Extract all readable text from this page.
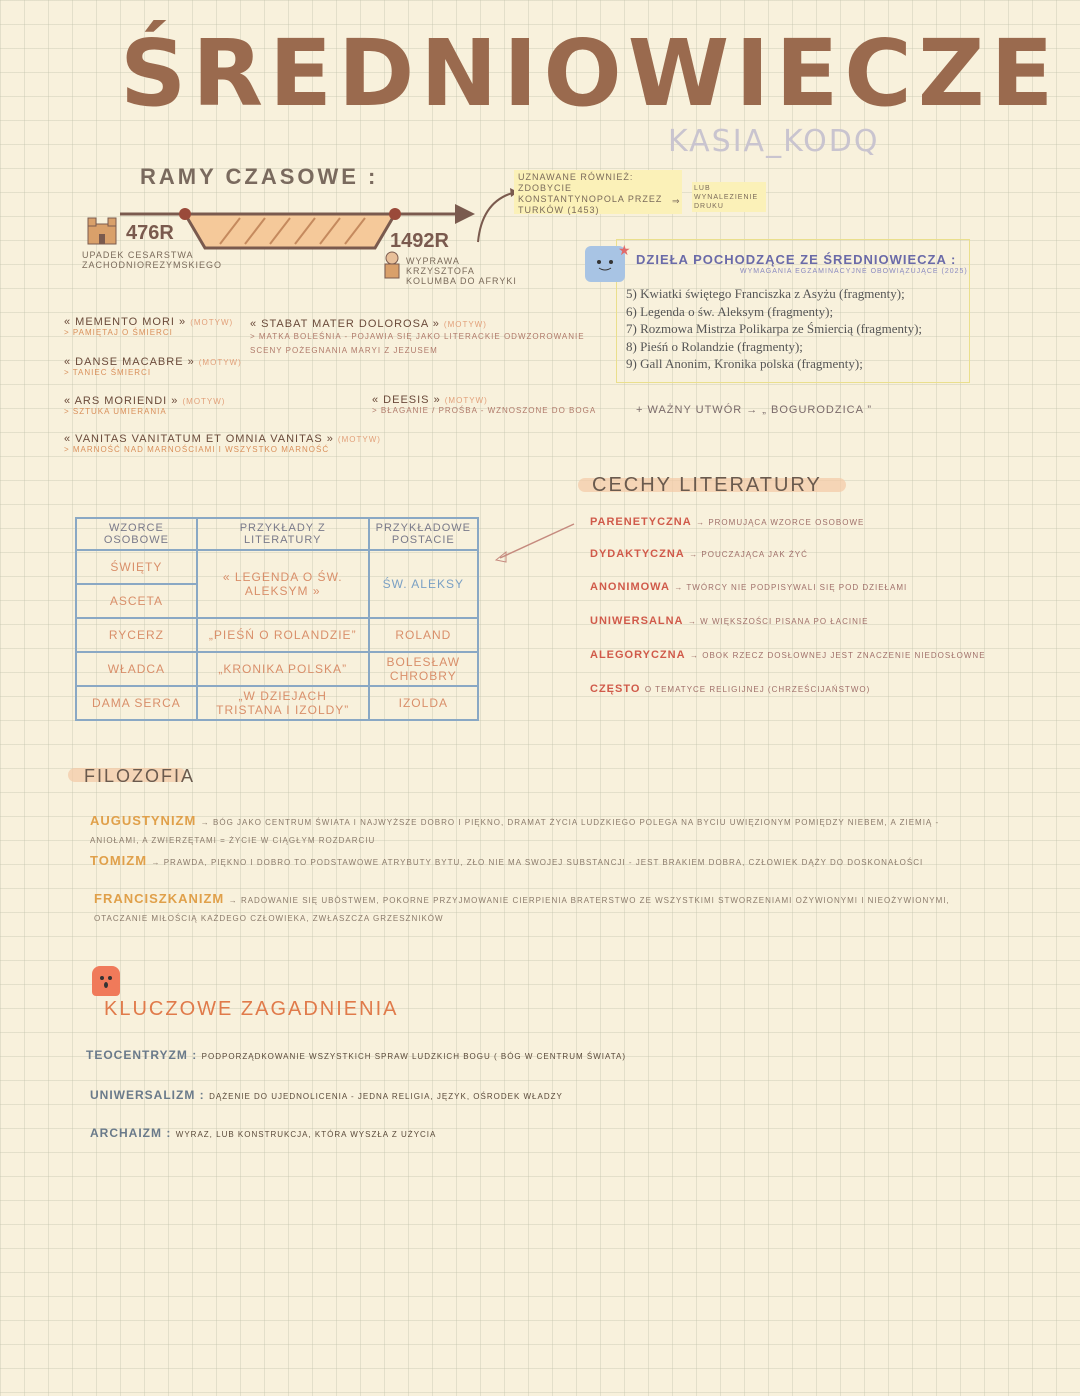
ŚREDNIOWIECZE
KASIA_KODQ
RAMY CZASOWE :
476R
UPADEK CESARSTWA ZACHODNIOREZYMSKIEGO
1492R
WYPRAWA KRZYSZTOFA KOLUMBA DO AFRYKI
UZNAWANE RÓWNIEŻ: ZDOBYCIE KONSTANTYNOPOLA PRZEZ TURKÓW (1453)
⇒
LUB WYNALEZIENIE DRUKU
« MEMENTO MORI » (MOTYW)
> PAMIĘTAJ O ŚMIERCI
« DANSE MACABRE » (MOTYW)
> TANIEC ŚMIERCI
« ARS MORIENDI » (MOTYW)
> SZTUKA UMIERANIA
« VANITAS VANITATUM ET OMNIA VANITAS » (MOTYW)
> MARNOŚĆ NAD MARNOŚCIAMI I WSZYSTKO MARNOŚĆ
« STABAT MATER DOLOROSA » (MOTYW)
> MATKA BOLEŚNIA - POJAWIA SIĘ JAKO LITERACKIE ODWZOROWANIE SCENY POŻEGNANIA MARYI Z JEZUSEM
« DEESIS » (MOTYW)
> BŁAGANIE / PROŚBA - WZNOSZONE DO BOGA
★
DZIEŁA POCHODZĄCE ZE ŚREDNIOWIECZA :
WYMAGANIA EGZAMINACYJNE OBOWIĄZUJĄCE (2025)
5) Kwiatki świętego Franciszka z Asyżu (fragmenty);
6) Legenda o św. Aleksym (fragmenty);
7) Rozmowa Mistrza Polikarpa ze Śmiercią (fragmenty);
8) Pieśń o Rolandzie (fragmenty);
9) Gall Anonim, Kronika polska (fragmenty);
+ WAŻNY UTWÓR → „ BOGURODZICA ”
CECHY LITERATURY
PARENETYCZNA → PROMUJĄCA WZORCE OSOBOWE
DYDAKTYCZNA → POUCZAJĄCA JAK ŻYĆ
ANONIMOWA → TWÓRCY NIE PODPISYWALI SIĘ POD DZIEŁAMI
UNIWERSALNA → W WIĘKSZOŚCI PISANA PO ŁACINIE
ALEGORYCZNA → OBOK RZECZ DOSŁOWNEJ JEST ZNACZENIE NIEDOSŁOWNE
CZĘSTO O TEMATYCE RELIGIJNEJ (CHRZEŚCIJAŃSTWO)
WZORCE OSOBOWE	PRZYKŁADY Z LITERATURY	PRZYKŁADOWE POSTACIE
ŚWIĘTY	« LEGENDA O ŚW. ALEKSYM »	ŚW. ALEKSY
ASCETA		
RYCERZ	„PIEŚŃ O ROLANDZIE”	ROLAND
WŁADCA	„KRONIKA POLSKA”	BOLESŁAW CHROBRY
DAMA SERCA	„W DZIEJACH TRISTANA I IZOLDY”	IZOLDA
FILOZOFIA
AUGUSTYNIZM → BÓG JAKO CENTRUM ŚWIATA I NAJWYŻSZE DOBRO I PIĘKNO, DRAMAT ŻYCIA LUDZKIEGO POLEGA NA BYCIU UWIĘZIONYM POMIĘDZY NIEBEM, A ZIEMIĄ - ANIOŁAMI, A ZWIERZĘTAMI = ŻYCIE W CIĄGŁYM ROZDARCIU
TOMIZM → PRAWDA, PIĘKNO I DOBRO TO PODSTAWOWE ATRYBUTY BYTU, ZŁO NIE MA SWOJEJ SUBSTANCJI - JEST BRAKIEM DOBRA, CZŁOWIEK DĄŻY DO DOSKONAŁOŚCI
FRANCISZKANIZM → RADOWANIE SIĘ UBÓSTWEM, POKORNE PRZYJMOWANIE CIERPIENIA BRATERSTWO ZE WSZYSTKIMI STWORZENIAMI OŻYWIONYMI I NIEOŻYWIONYMI, OTACZANIE MIŁOŚCIĄ KAŻDEGO CZŁOWIEKA, ZWŁASZCZA GRZESZNIKÓW
KLUCZOWE ZAGADNIENIA
TEOCENTRYZM : PODPORZĄDKOWANIE WSZYSTKICH SPRAW LUDZKICH BOGU ( BÓG W CENTRUM ŚWIATA)
UNIWERSALIZM : DĄŻENIE DO UJEDNOLICENIA - JEDNA RELIGIA, JĘZYK, OŚRODEK WŁADZY
ARCHAIZM : WYRAZ, LUB KONSTRUKCJA, KTÓRA WYSZŁA Z UŻYCIA
